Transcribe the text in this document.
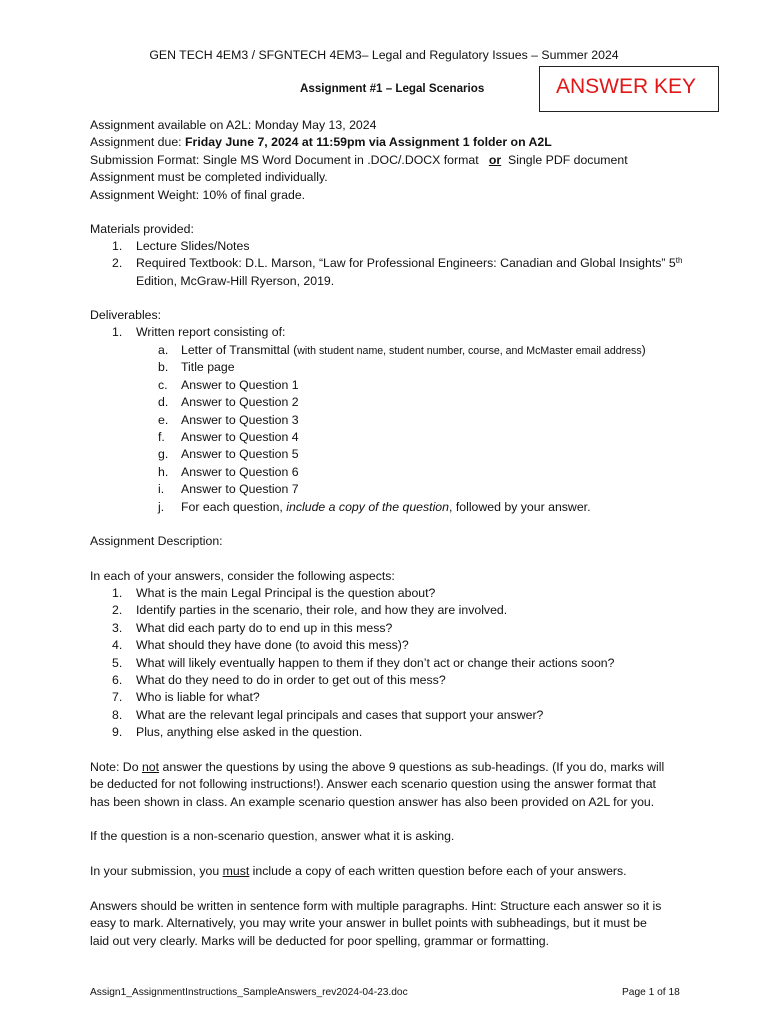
GEN TECH 4EM3 / SFGNTECH 4EM3– Legal and Regulatory Issues – Summer 2024
Assignment #1 – Legal Scenarios	ANSWER KEY
Assignment available on A2L: Monday May 13, 2024
Assignment due: Friday June 7, 2024 at 11:59pm via Assignment 1 folder on A2L
Submission Format: Single MS Word Document in .DOC/.DOCX format or Single PDF document
Assignment must be completed individually.
Assignment Weight: 10% of final grade.
Materials provided:
1. Lecture Slides/Notes
2. Required Textbook: D.L. Marson, “Law for Professional Engineers: Canadian and Global Insights” 5th
Edition, McGraw-Hill Ryerson, 2019.
Deliverables:
1. Written report consisting of:
a. Letter of Transmittal (with student name, student number, course, and McMaster email address)
b. Title page
c. Answer to Question 1
d. Answer to Question 2
e. Answer to Question 3
f. Answer to Question 4
g. Answer to Question 5
h. Answer to Question 6
i. Answer to Question 7
j. For each question, include a copy of the question, followed by your answer.
Assignment Description:
In each of your answers, consider the following aspects:
1. What is the main Legal Principal is the question about?
2. Identify parties in the scenario, their role, and how they are involved.
3. What did each party do to end up in this mess?
4. What should they have done (to avoid this mess)?
5. What will likely eventually happen to them if they don’t act or change their actions soon?
6. What do they need to do in order to get out of this mess?
7. Who is liable for what?
8. What are the relevant legal principals and cases that support your answer?
9. Plus, anything else asked in the question.
Note: Do not answer the questions by using the above 9 questions as sub-headings. (If you do, marks will
be deducted for not following instructions!). Answer each scenario question using the answer format that
has been shown in class. An example scenario question answer has also been provided on A2L for you.
If the question is a non-scenario question, answer what it is asking.
In your submission, you must include a copy of each written question before each of your answers.
Answers should be written in sentence form with multiple paragraphs. Hint: Structure each answer so it is
easy to mark. Alternatively, you may write your answer in bullet points with subheadings, but it must be
laid out very clearly. Marks will be deducted for poor spelling, grammar or formatting.
Assign1_AssignmentInstructions_SampleAnswers_rev2024-04-23.doc	Page 1 of 18
